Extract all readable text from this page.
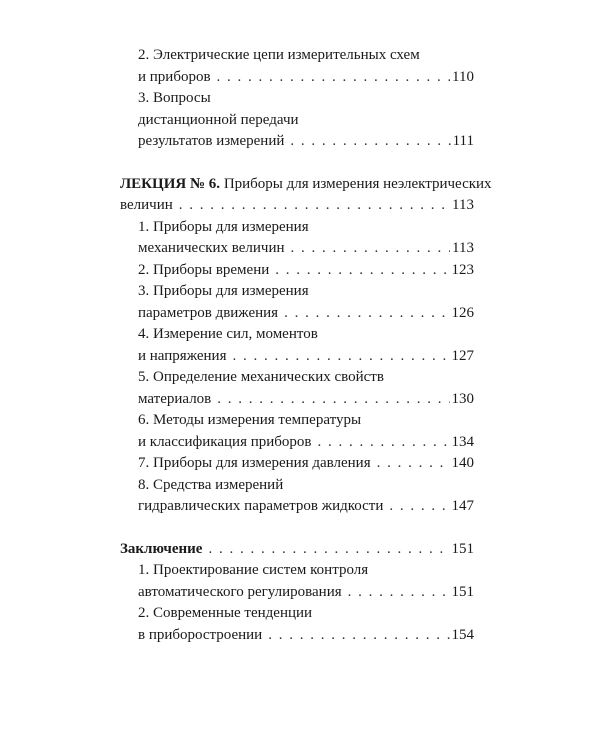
2. Электрические цепи измерительных схем
и приборов . . .	110
3. Вопросы
дистанционной передачи
результатов измерений . . .	111
ЛЕКЦИЯ № 6.
Приборы для измерения неэлектрических
величин . . .	113
1. Приборы для измерения
механических величин . . .	113
2. Приборы времени . . .	123
3. Приборы для измерения
параметров движения . . .	126
4. Измерение сил, моментов
и напряжения . . .	127
5. Определение механических свойств
материалов . . .	130
6. Методы измерения температуры
и классификация приборов . . .	134
7. Приборы для измерения давления . . .	140
8. Средства измерений
гидравлических параметров жидкости . . .	147
Заключение . . .	151
1. Проектирование систем контроля
автоматического регулирования . . .	151
2. Современные тенденции
в приборостроении . . .	154
